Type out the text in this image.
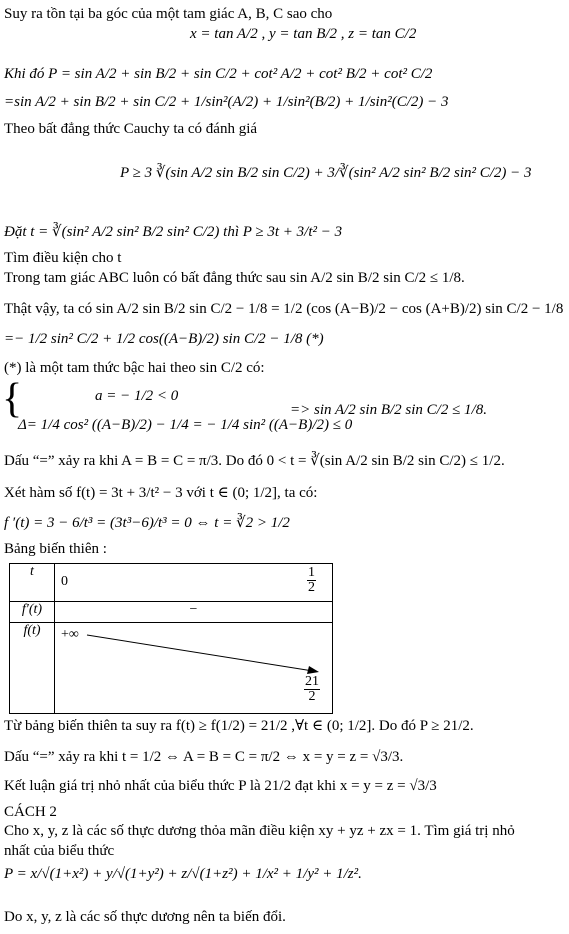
Suy ra tồn tại ba góc của một tam giác A, B, C sao cho
x = tan A/2 , y = tan B/2 , z = tan C/2
Khi đó P = sin A/2 + sin B/2 + sin C/2 + cot² A/2 + cot² B/2 + cot² C/2
=sin A/2 + sin B/2 + sin C/2 + 1/sin²(A/2) + 1/sin²(B/2) + 1/sin²(C/2) − 3
Theo bất đẳng thức Cauchy ta có đánh giá
P ≥ 3 ∛(sin A/2 sin B/2 sin C/2) + 3/∛(sin² A/2 sin² B/2 sin² C/2) − 3
Đặt t = ∛(sin² A/2 sin² B/2 sin² C/2) thì P ≥ 3t + 3/t² − 3
Tìm điều kiện cho t
Trong tam giác ABC luôn có bất đẳng thức sau sin A/2 sin B/2 sin C/2 ≤ 1/8.
Thật vậy, ta có sin A/2 sin B/2 sin C/2 − 1/8 = 1/2 (cos (A−B)/2 − cos (A+B)/2) sin C/2 − 1/8
=− 1/2 sin² C/2 + 1/2 cos((A−B)/2) sin C/2 − 1/8 (*)
(*) là một tam thức bậc hai theo sin C/2 có:
{	a = − 1/2 < 0
Δ= 1/4 cos² ((A−B)/2) − 1/4 = − 1/4 sin² ((A−B)/2) ≤ 0
=> sin A/2 sin B/2 sin C/2 ≤ 1/8.
Dấu “=” xảy ra khi A = B = C = π/3. Do đó 0 < t = ∛(sin A/2 sin B/2 sin C/2) ≤ 1/2.
Xét hàm số f(t) = 3t + 3/t² − 3 với t ∈ (0; 1/2], ta có:
f ′(t) = 3 − 6/t³ = (3t³−6)/t³ = 0 ⇔ t = ∛2 > 1/2
Bảng biến thiên :
t	$0 \frac{1}{2}$

f′(t)	−
f(t)	+∞
$\frac{21}{2}$
Từ bảng biến thiên ta suy ra f(t) ≥ f(1/2) = 21/2 ,∀t ∈ (0; 1/2]. Do đó P ≥ 21/2.
Dấu “=” xảy ra khi t = 1/2 ⇔ A = B = C = π/2 ⇔ x = y = z = √3/3.
Kết luận giá trị nhỏ nhất của biểu thức P là 21/2 đạt khi x = y = z = √3/3
CÁCH 2
Cho x, y, z là các số thực dương thỏa mãn điều kiện xy + yz + zx = 1. Tìm giá trị nhỏ
nhất của biểu thức
P = x/√(1+x²) + y/√(1+y²) + z/√(1+z²) + 1/x² + 1/y² + 1/z².
Do x, y, z là các số thực dương nên ta biến đổi.
